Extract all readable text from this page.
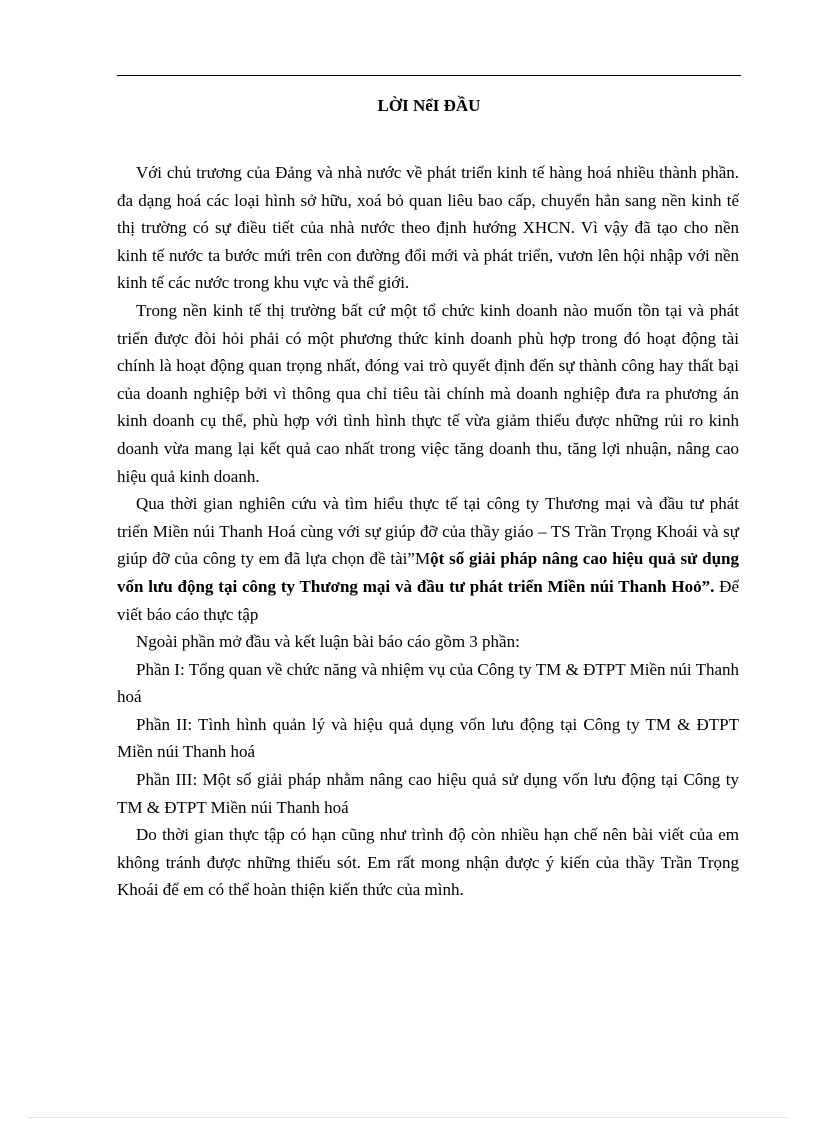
LỜI NểI ĐẦU

Với chủ trương của Đảng và nhà nước về phát triển kinh tế hàng hoá nhiều thành phần. đa dạng hoá các loại hình sở hữu, xoá bỏ quan liêu bao cấp, chuyển hẳn sang nền kinh tế thị trường có sự điều tiết của nhà nước theo định hướng XHCN. Vì vậy đã tạo cho nền kinh tế nước ta bước mứi trên con đường đổi mới và phát triển, vươn lên hội nhập với nền kinh tế các nước trong khu vực và thế giới.

Trong nền kinh tế thị trường bất cứ một tổ chức kinh doanh nào muốn tồn tại và phát triển được đòi hỏi phải có một phương thức kinh doanh phù hợp trong đó hoạt động tài chính là hoạt động quan trọng nhất, đóng vai trò quyết định đến sự thành công hay thất bại của doanh nghiệp bởi vì thông qua chỉ tiêu tài chính mà doanh nghiệp đưa ra phương án kinh doanh cụ thể, phù hợp với tình hình thực tế vừa giảm thiểu được những rủi ro kinh doanh vừa mang lại kết quả cao nhất trong việc tăng doanh thu, tăng lợi nhuận, nâng cao hiệu quả kinh doanh.

Qua thời gian nghiên cứu và tìm hiểu thực tế tại công ty Thương mại và đầu tư phát triển Miền núi Thanh Hoá cùng với sự giúp đỡ của thầy giáo – TS Trần Trọng Khoái và sự giúp đỡ của công ty em đã lựa chọn đề tài”Một số giải pháp nâng cao hiệu quả sử dụng vốn lưu động tại công ty Thương mại và đầu tư phát triển Miền núi Thanh Hoỏ”. Để viết báo cáo thực tập

Ngoài phần mở đầu và kết luận bài báo cáo gồm 3 phần:

Phần I: Tổng quan về chức năng và nhiệm vụ của Công ty TM & ĐTPT Miền núi Thanh hoá

Phần II: Tình hình quản lý và hiệu quả dụng vốn lưu động tại Công ty TM & ĐTPT Miền núi Thanh hoá

Phần III: Một số giải pháp nhằm nâng cao hiệu quả sử dụng vốn lưu động tại Công ty TM & ĐTPT Miền núi Thanh hoá

Do thời gian thực tập có hạn cũng như trình độ còn nhiều hạn chế nên bài viết của em không tránh được những thiếu sót. Em rất mong nhận được ý kiến của thầy Trần Trọng Khoái để em có thể hoàn thiện kiến thức của mình.
